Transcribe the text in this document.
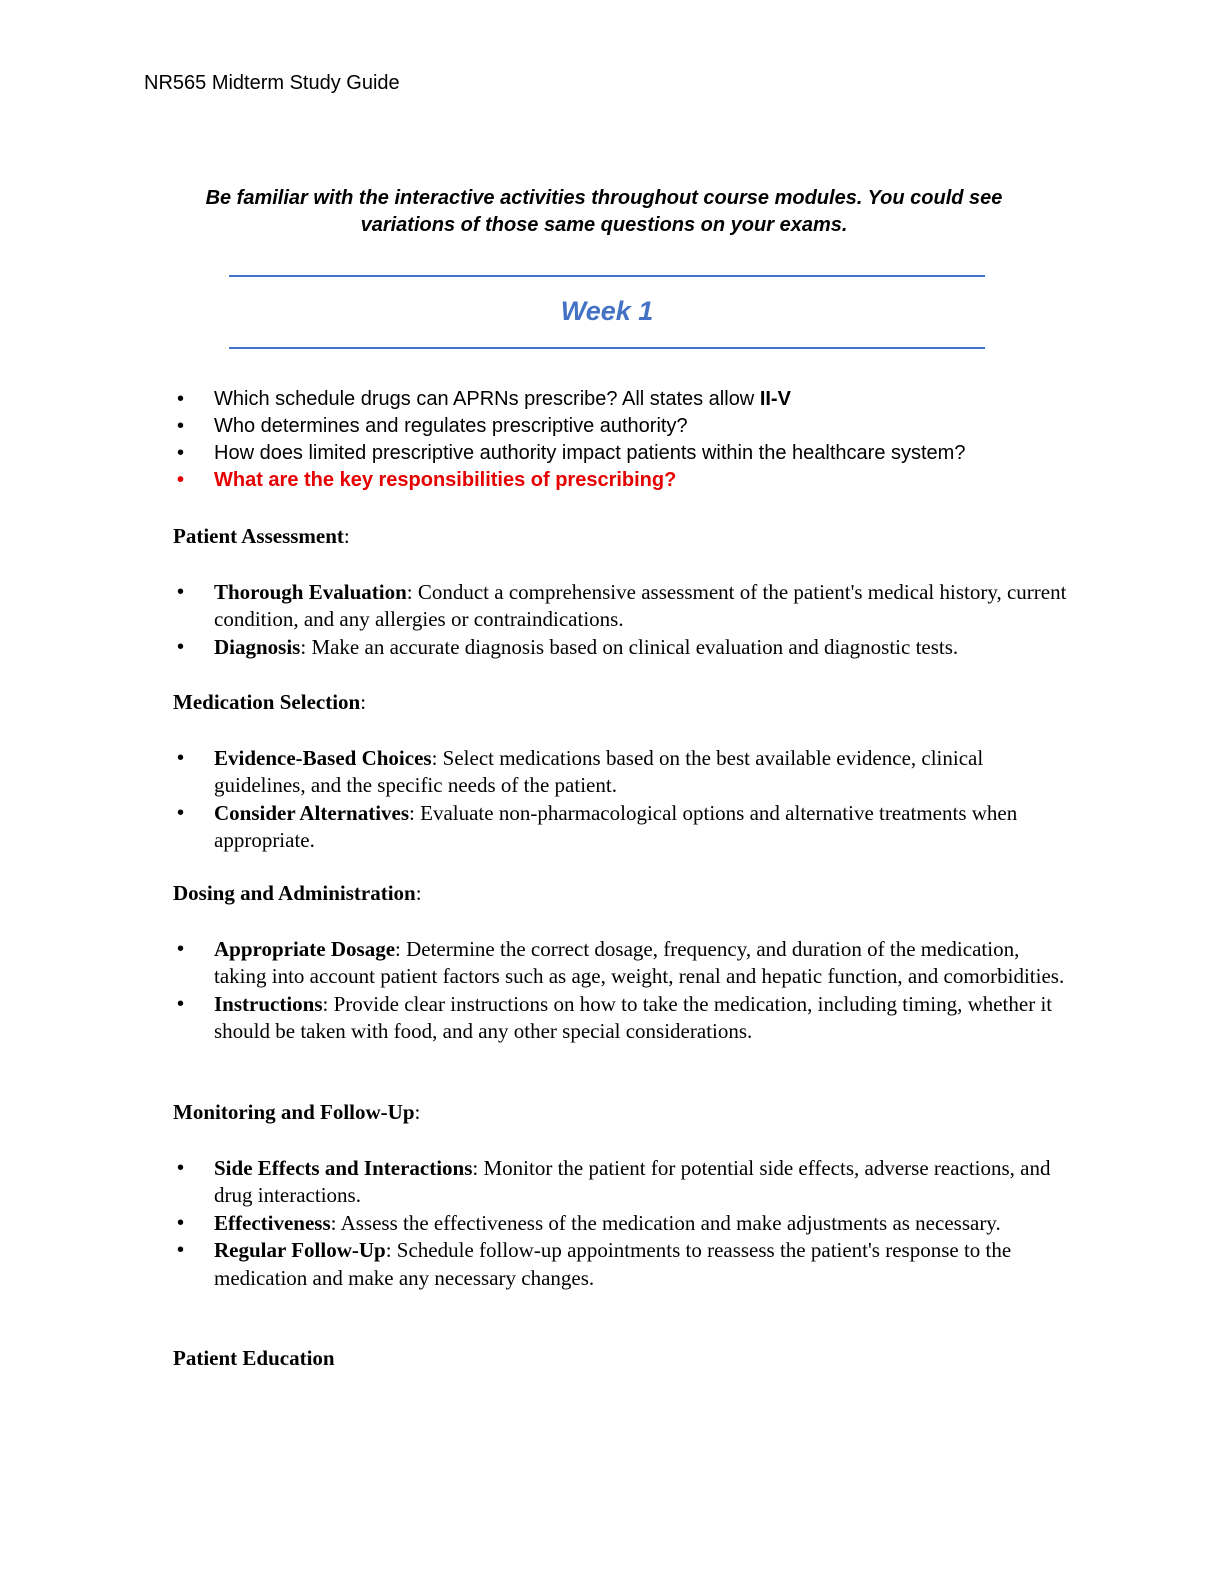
NR565 Midterm Study Guide
Be familiar with the interactive activities throughout course modules. You could see
variations of those same questions on your exams.
Week 1
• Which schedule drugs can APRNs prescribe? All states allow II-V
• Who determines and regulates prescriptive authority?
• How does limited prescriptive authority impact patients within the healthcare system?
• What are the key responsibilities of prescribing?
Patient Assessment:
• Thorough Evaluation: Conduct a comprehensive assessment of the patient's medical history, current condition, and any allergies or contraindications.
• Diagnosis: Make an accurate diagnosis based on clinical evaluation and diagnostic tests.
Medication Selection:
• Evidence-Based Choices: Select medications based on the best available evidence, clinical guidelines, and the specific needs of the patient.
• Consider Alternatives: Evaluate non-pharmacological options and alternative treatments when appropriate.
Dosing and Administration:
• Appropriate Dosage: Determine the correct dosage, frequency, and duration of the medication, taking into account patient factors such as age, weight, renal and hepatic function, and comorbidities.
• Instructions: Provide clear instructions on how to take the medication, including timing, whether it should be taken with food, and any other special considerations.
Monitoring and Follow-Up:
• Side Effects and Interactions: Monitor the patient for potential side effects, adverse reactions, and drug interactions.
• Effectiveness: Assess the effectiveness of the medication and make adjustments as necessary.
• Regular Follow-Up: Schedule follow-up appointments to reassess the patient's response to the medication and make any necessary changes.
Patient Education
